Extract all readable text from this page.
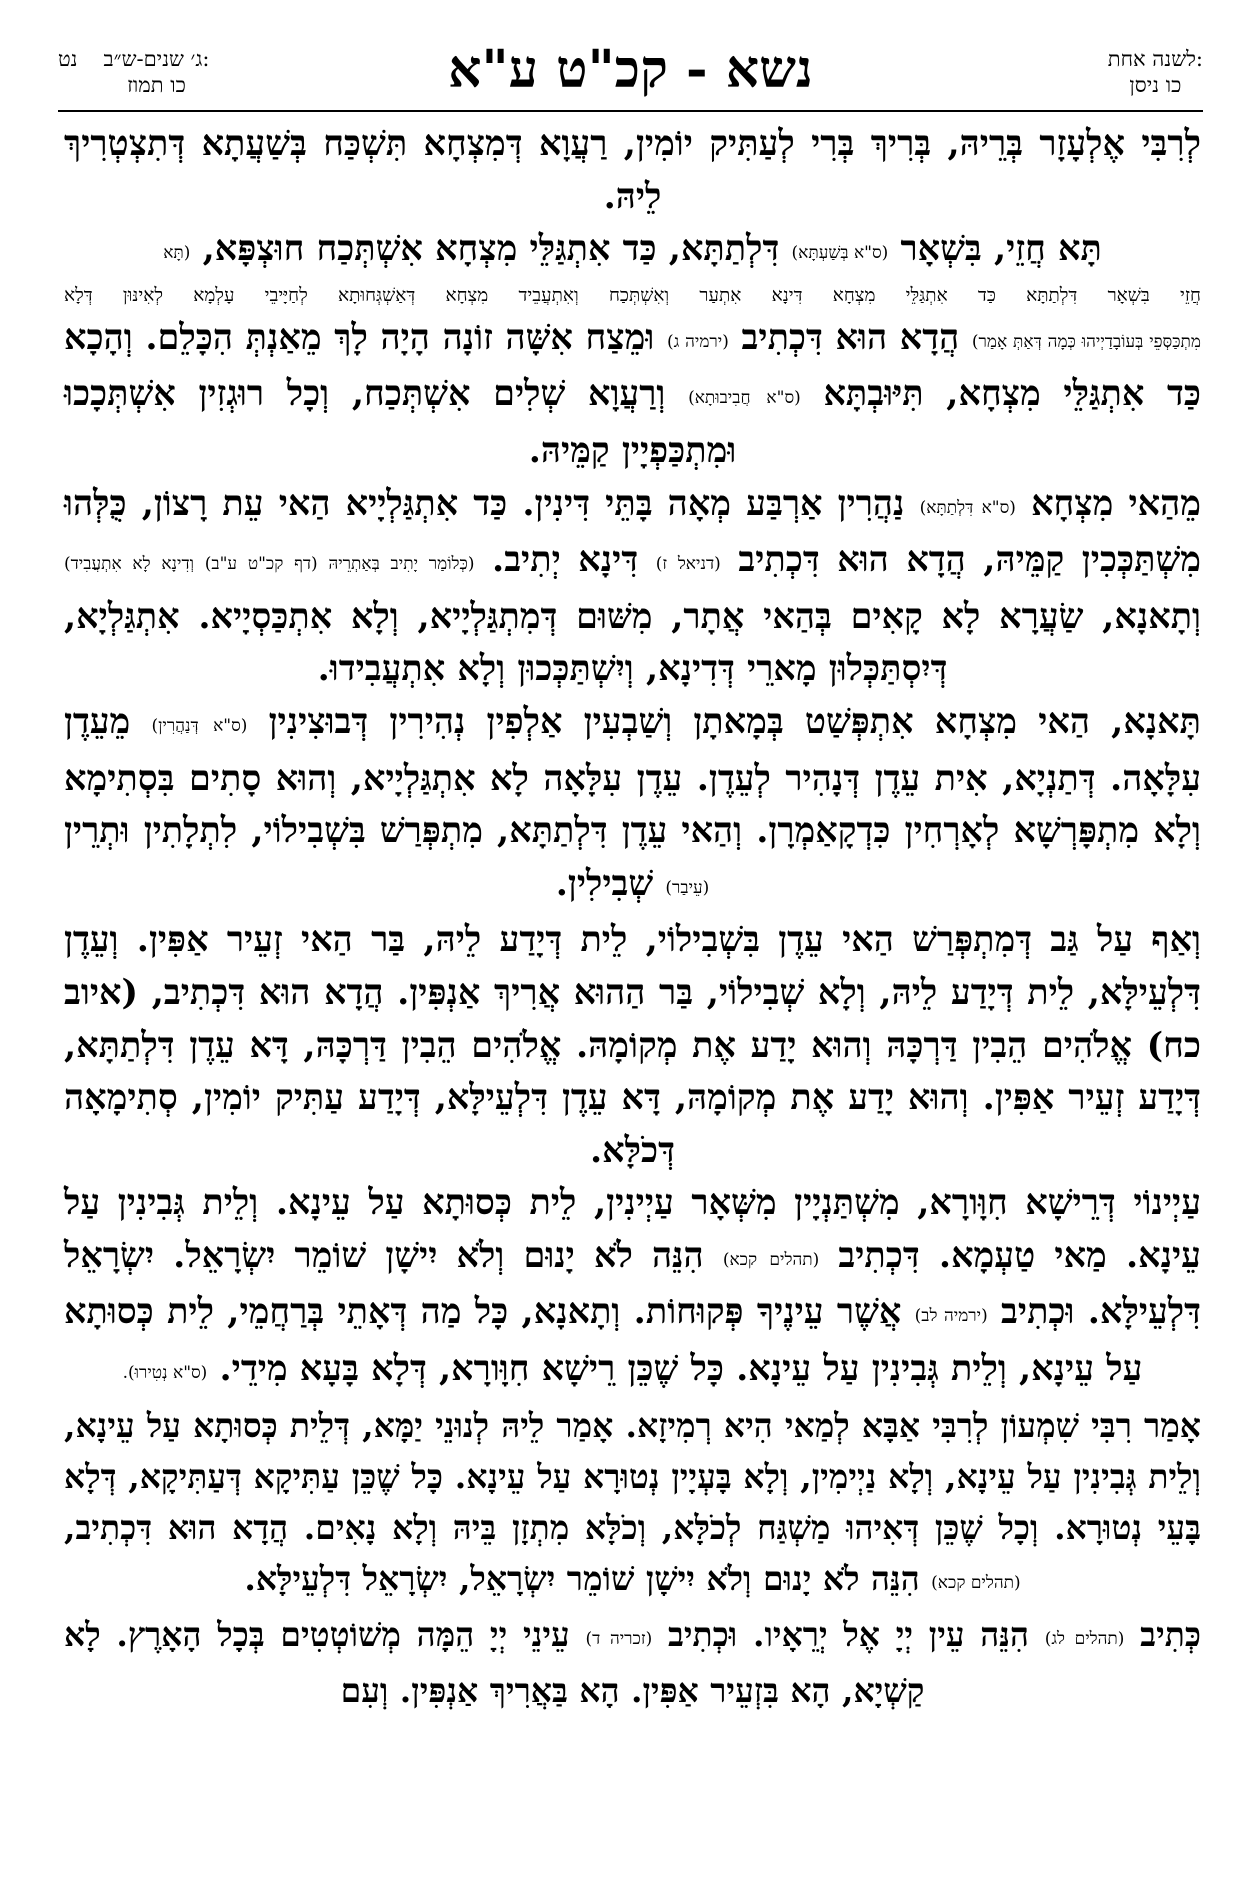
לשנה אחת:
כו ניסן
נשא - קכ"ט ע"א
נט ג׳ שנים-ש״ב:
כו תמוז

לְרִבִּי אֶלְעָזָר בְּרֵיהּ, בְּרִיךְ בְּרִי לְעַתִּיק יוֹמִין, רַעֲוָא דְּמִצְחָא תִּשְׁכַּח בְּשַׁעֲתָא דְּתִצְטְרִיךְ לֵיהּ.

תָּא חֲזֵי, בִּשְׁאָר (ס"א בְּשַׁעְתָּא) דִּלְתַתָּא, כַּד אִתְגַּלֵּי מִצְחָא אִשְׁתְּכַח חוּצְפָּא, (תָּא

חֲזֵי בִּשְׁאָר דִּלְתַתָּא כַּד אִתְגַּלֵּי מִצְחָא דִּינָא אִתְעַר וְאִשְׁתְּכַח וְאִתְעֲבֵיד מִצְחָא דְּאַשְׁגְּחוּתָא לְחַיָּיבֵי עָלְמָא לְאִינּוּן דְּלָא

מִתְכַּסְּפֵי בְּעוֹבָדַיְיהוּ כְּמָה דְּאַתְּ אָמַר) הֲדָא הוּא דִּכְתִיב (ירמיה ג) וּמֵצַח אִשָּׁה זוֹנָה הָיָה לָךְ מֵאַנְתְּ הִכָּלֵם. וְהָכָא כַּד אִתְגַּלֵּי מִצְחָא, תִּיּוּבְתָּא (ס"א חֲבִיבוּתָא) וְרַעֲוָא שְׁלִים אִשְׁתְּכַח, וְכָל רוּגְזִין אִשְׁתְּכָכוּ וּמִתְכַּפְיָין קַמֵּיהּ.

מֵהַאי מִצְחָא (ס"א דִּלְתַתָּא) נַהֲרִין אַרְבַּע מְאָה בָּתֵּי דִּינִין. כַּד אִתְגַּלְיָיא הַאי עֵת רָצוֹן, כֻּלְּהוּ מִשְׁתַּכְּכִין קַמֵּיהּ, הֲדָא הוּא דִּכְתִיב (דניאל ז) דִּינָא יְתִיב. (כְּלוֹמַר יָתִיב בְּאַתְרֵיהּ (דף קכ"ט ע"ב) וְדִינָא לָא אִתְעֲבִיד) וְתָאנָא, שַׂעֲרָא לָא קָאִים בְּהַאי אֲתָר, מִשּׁוּם דְּמִתְגַּלְיָיא, וְלָא אִתְכַּסְיָיא. אִתְגַּלְיָא, דְּיִסְתַּכְּלוּן מָארֵי דְּדִינָא, וְיִשְׁתַּכְּכוּן וְלָא אִתְעֲבִידוּ.

תָּאנָא, הַאי מִצְחָא אִתְפְּשַׁט בְּמָאתָן וְשַׁבְעִין אַלְפִין נְהִירִין דְּבוּצִינִין (ס"א דְּנַהֲרִין) מֵעֵדֶן עִלָּאָה. דְּתַנְיָא, אִית עֵדֶן דְּנָהִיר לְעֵדֶן. עֵדֶן עִלָּאָה לָא אִתְגַּלְיָיא, וְהוּא סָתִים בִּסְתִימָא וְלָא מִתְפָּרְשָׁא לְאָרְחִין כִּדְקָאַמְרָן. וְהַאי עֵדֶן דִּלְתַתָּא, מִתְפְּרַשׁ בִּשְׁבִילוֹי, לִתְלָתִין וּתְרֵין (עֵיבַר) שְׁבִילִין.

וְאַף עַל גַּב דְּמִתְפְּרַשׁ הַאי עֵדֶן בִּשְׁבִילוֹי, לֵית דְּיָדַע לֵיהּ, בַּר הַאי זְעֵיר אַפִּין. וְעֵדֶן דִּלְעֵילָּא, לֵית דְּיָדַע לֵיהּ, וְלָא שְׁבִילוֹי, בַּר הַהוּא אֲרִיךְ אַנְפִּין. הֲדָא הוּא דִּכְתִיב, (איוב כח) אֱלֹהִים הֵבִין דַּרְכָּהּ וְהוּא יָדַע אֶת מְקוֹמָהּ. אֱלֹהִים הֵבִין דַּרְכָּהּ, דָּא עֵדֶן דִּלְתַתָּא, דְּיָדַע זְעֵיר אַפִּין. וְהוּא יָדַע אֶת מְקוֹמָהּ, דָּא עֵדֶן דִּלְעֵילָּא, דְּיָדַע עַתִּיק יוֹמִין, סְתִימָאָה דְּכֹלָּא.

עַיְינוֹי דְּרֵישָׁא חִוָּורָא, מִשְׁתַּנְיָין מִשְּׁאָר עַיְינִין, לֵית כְּסוּתָא עַל עֵינָא. וְלֵית גְּבִינִין עַל עֵינָא. מַאי טַעְמָא. דִּכְתִיב (תהלים קכא) הִנֵּה לֹא יָנוּם וְלֹא יִישָׁן שׁוֹמֵר יִשְׂרָאֵל. יִשְׂרָאֵל דִּלְעֵילָּא. וּכְתִיב (ירמיה לב) אֲשֶׁר עֵינֶיךָ פְּקוּחוֹת. וְתָאנָא, כָּל מַה דְּאָתֵי בְּרַחֲמֵי, לֵית כְּסוּתָא עַל עֵינָא, וְלֵית גְּבִינִין עַל עֵינָא. כָּל שֶׁכֵּן רֵישָׁא חִוָּורָא, דְּלָא בָּעָא מִידֵי. (ס"א נְטִירוּ).

אָמַר רִבִּי שִׁמְעוֹן לְרִבִּי אַבָּא לְמַאי הִיא רְמִיזָא. אָמַר לֵיהּ לְנוּנֵי יַמָּא, דְּלֵית כְּסוּתָא עַל עֵינָא, וְלֵית גְּבִינִין עַל עֵינָא, וְלָא נַיְימִין, וְלָא בָּעְיָין נְטוּרָא עַל עֵינָא. כָּל שֶׁכֵּן עַתִּיקָא דְּעַתִּיקָא, דְּלָא בָּעֵי נְטוּרָא. וְכָל שֶׁכֵּן דְּאִיהוּ מַשְׁגַּח לְכֹלָּא, וְכֹלָּא מִתְזָן בֵּיהּ וְלָא נָאִים. הֲדָא הוּא דִּכְתִיב, (תהלים קכא) הִנֵּה לֹא יָנוּם וְלֹא יִישָׁן שׁוֹמֵר יִשְׂרָאֵל, יִשְׂרָאֵל דִּלְעֵילָּא.

כְּתִיב (תהלים לג) הִנֵּה עֵין יְיָ אֶל יְרֵאָיו. וּכְתִיב (זכריה ד) עֵינֵי יְיָ הֵמָּה מְשׁוֹטְטִים בְּכָל הָאָרֶץ. לָא קַשְׁיָא, הָא בִּזְעֵיר אַפִּין. הָא בַּאֲרִיךְ אַנְפִּין. וְעִם
